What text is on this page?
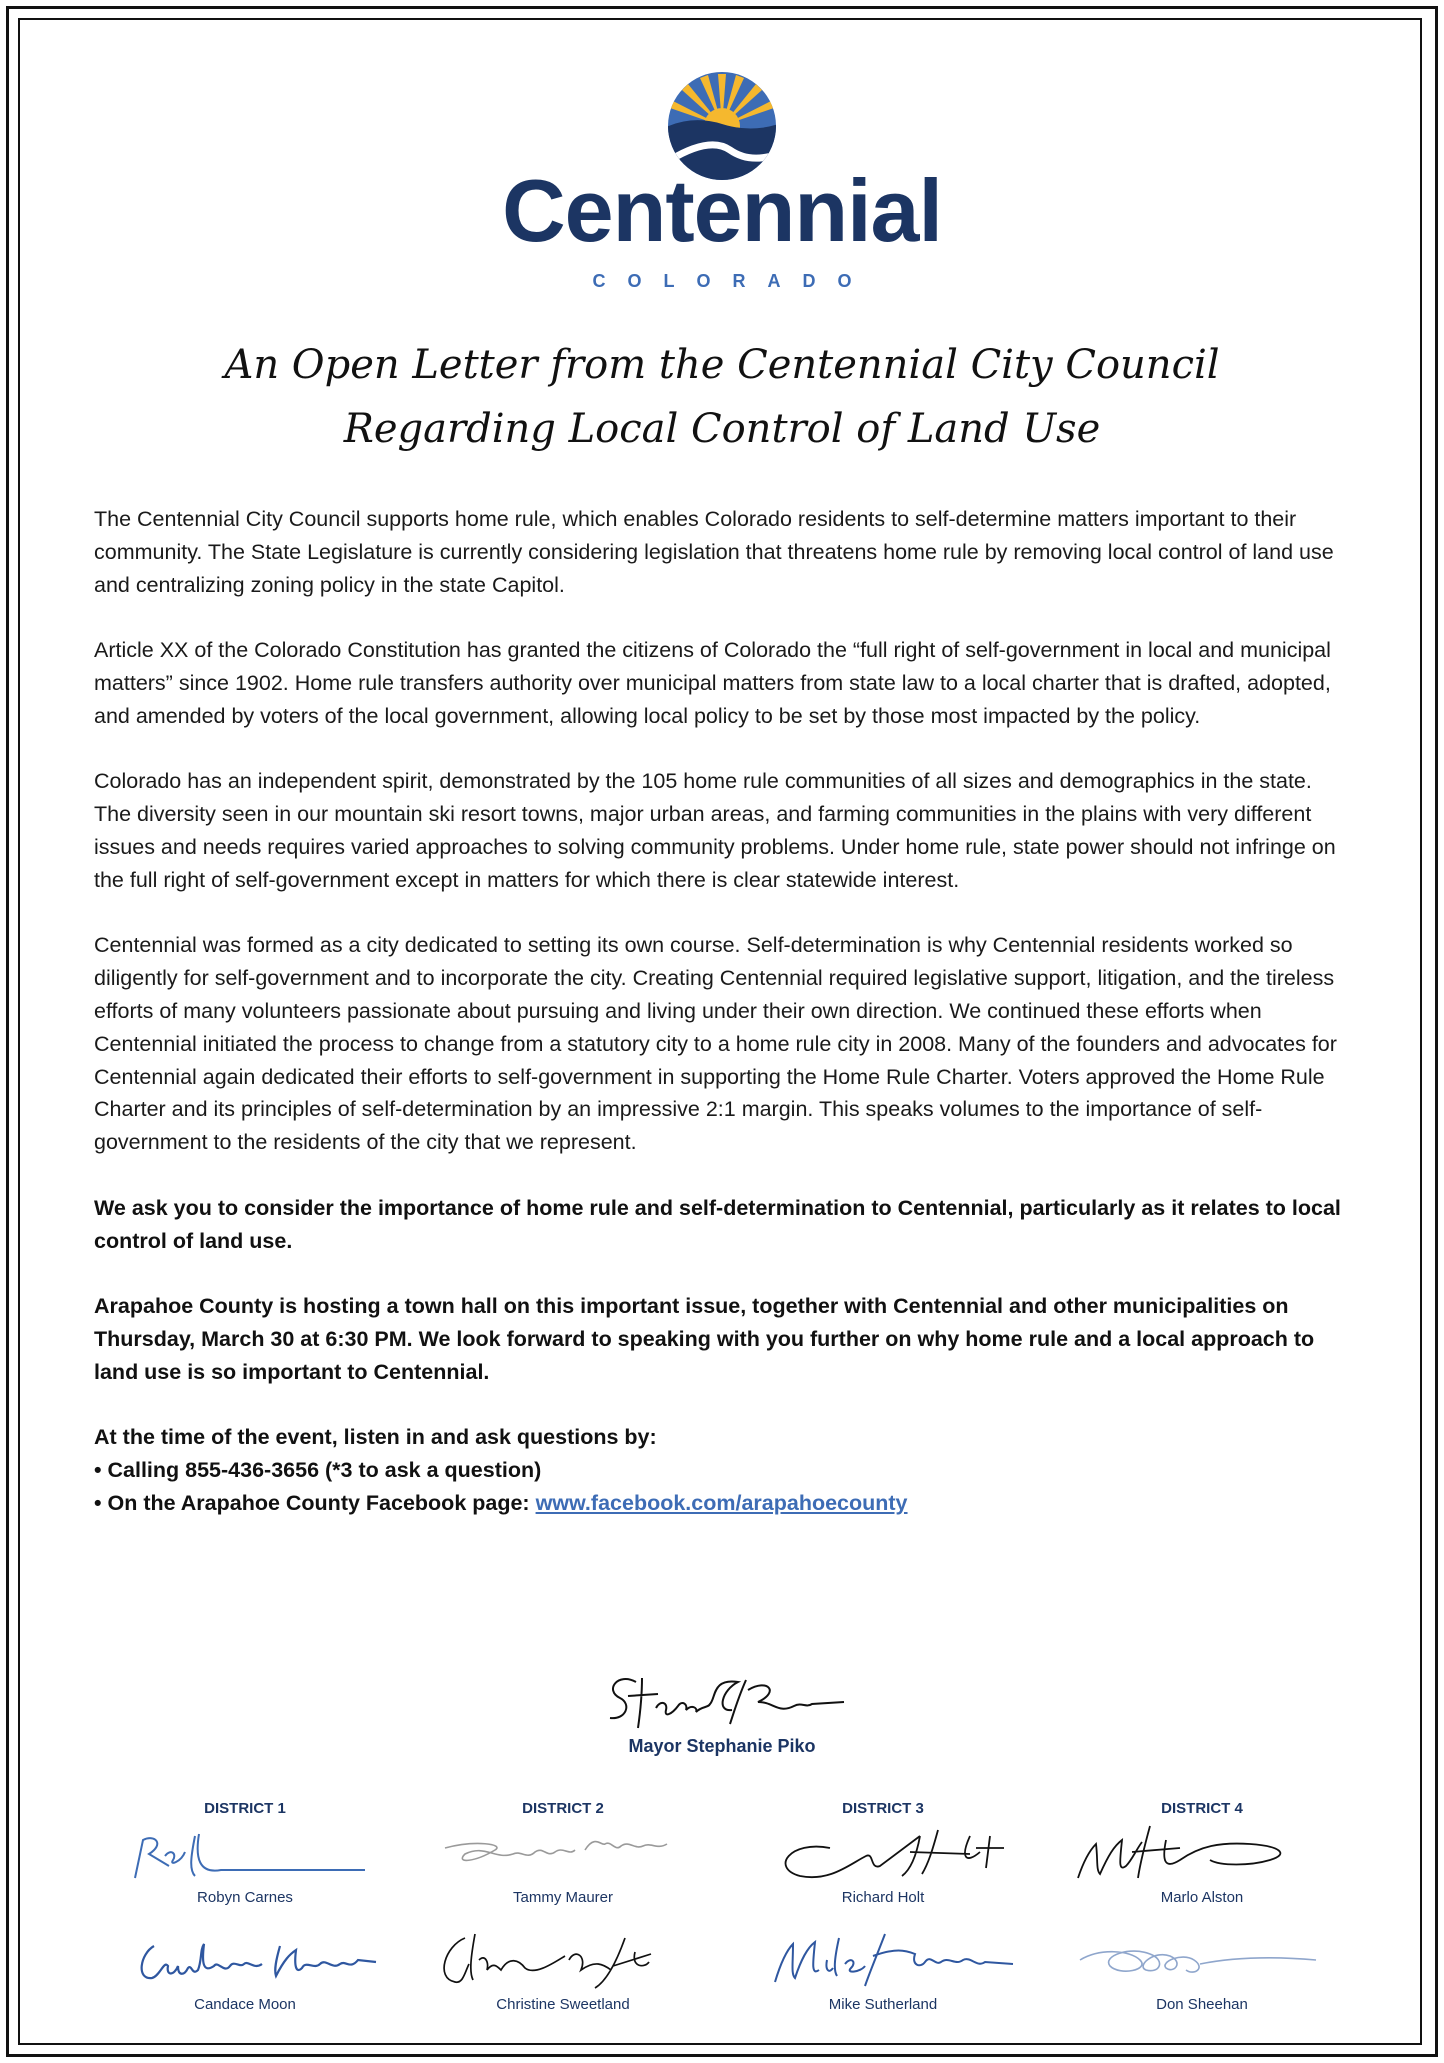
Centennial
COLORADO
An Open Letter from the Centennial City Council
Regarding Local Control of Land Use

The Centennial City Council supports home rule, which enables Colorado residents to self-determine matters important to their community. The State Legislature is currently considering legislation that threatens home rule by removing local control of land use and centralizing zoning policy in the state Capitol.

Article XX of the Colorado Constitution has granted the citizens of Colorado the “full right of self-government in local and municipal matters” since 1902. Home rule transfers authority over municipal matters from state law to a local charter that is drafted, adopted, and amended by voters of the local government, allowing local policy to be set by those most impacted by the policy.

Colorado has an independent spirit, demonstrated by the 105 home rule communities of all sizes and demographics in the state. The diversity seen in our mountain ski resort towns, major urban areas, and farming communities in the plains with very different issues and needs requires varied approaches to solving community problems. Under home rule, state power should not infringe on the full right of self-government except in matters for which there is clear statewide interest.

Centennial was formed as a city dedicated to setting its own course. Self-determination is why Centennial residents worked so diligently for self-government and to incorporate the city. Creating Centennial required legislative support, litigation, and the tireless efforts of many volunteers passionate about pursuing and living under their own direction. We continued these efforts when Centennial initiated the process to change from a statutory city to a home rule city in 2008. Many of the founders and advocates for Centennial again dedicated their efforts to self-government in supporting the Home Rule Charter. Voters approved the Home Rule Charter and its principles of self-determination by an impressive 2:1 margin. This speaks volumes to the importance of self-government to the residents of the city that we represent.

We ask you to consider the importance of home rule and self-determination to Centennial, particularly as it relates to local control of land use.

Arapahoe County is hosting a town hall on this important issue, together with Centennial and other municipalities on Thursday, March 30 at 6:30 PM. We look forward to speaking with you further on why home rule and a local approach to land use is so important to Centennial.

At the time of the event, listen in and ask questions by:

• Calling 855-436-3656 (*3 to ask a question)

• On the Arapahoe County Facebook page: www.facebook.com/arapahoecounty

Mayor Stephanie Piko
DISTRICT 1	DISTRICT 2	DISTRICT 3	DISTRICT 4
Robyn Carnes	Tammy Maurer	Richard Holt	Marlo Alston
Candace Moon	Christine Sweetland	Mike Sutherland	Don Sheehan
